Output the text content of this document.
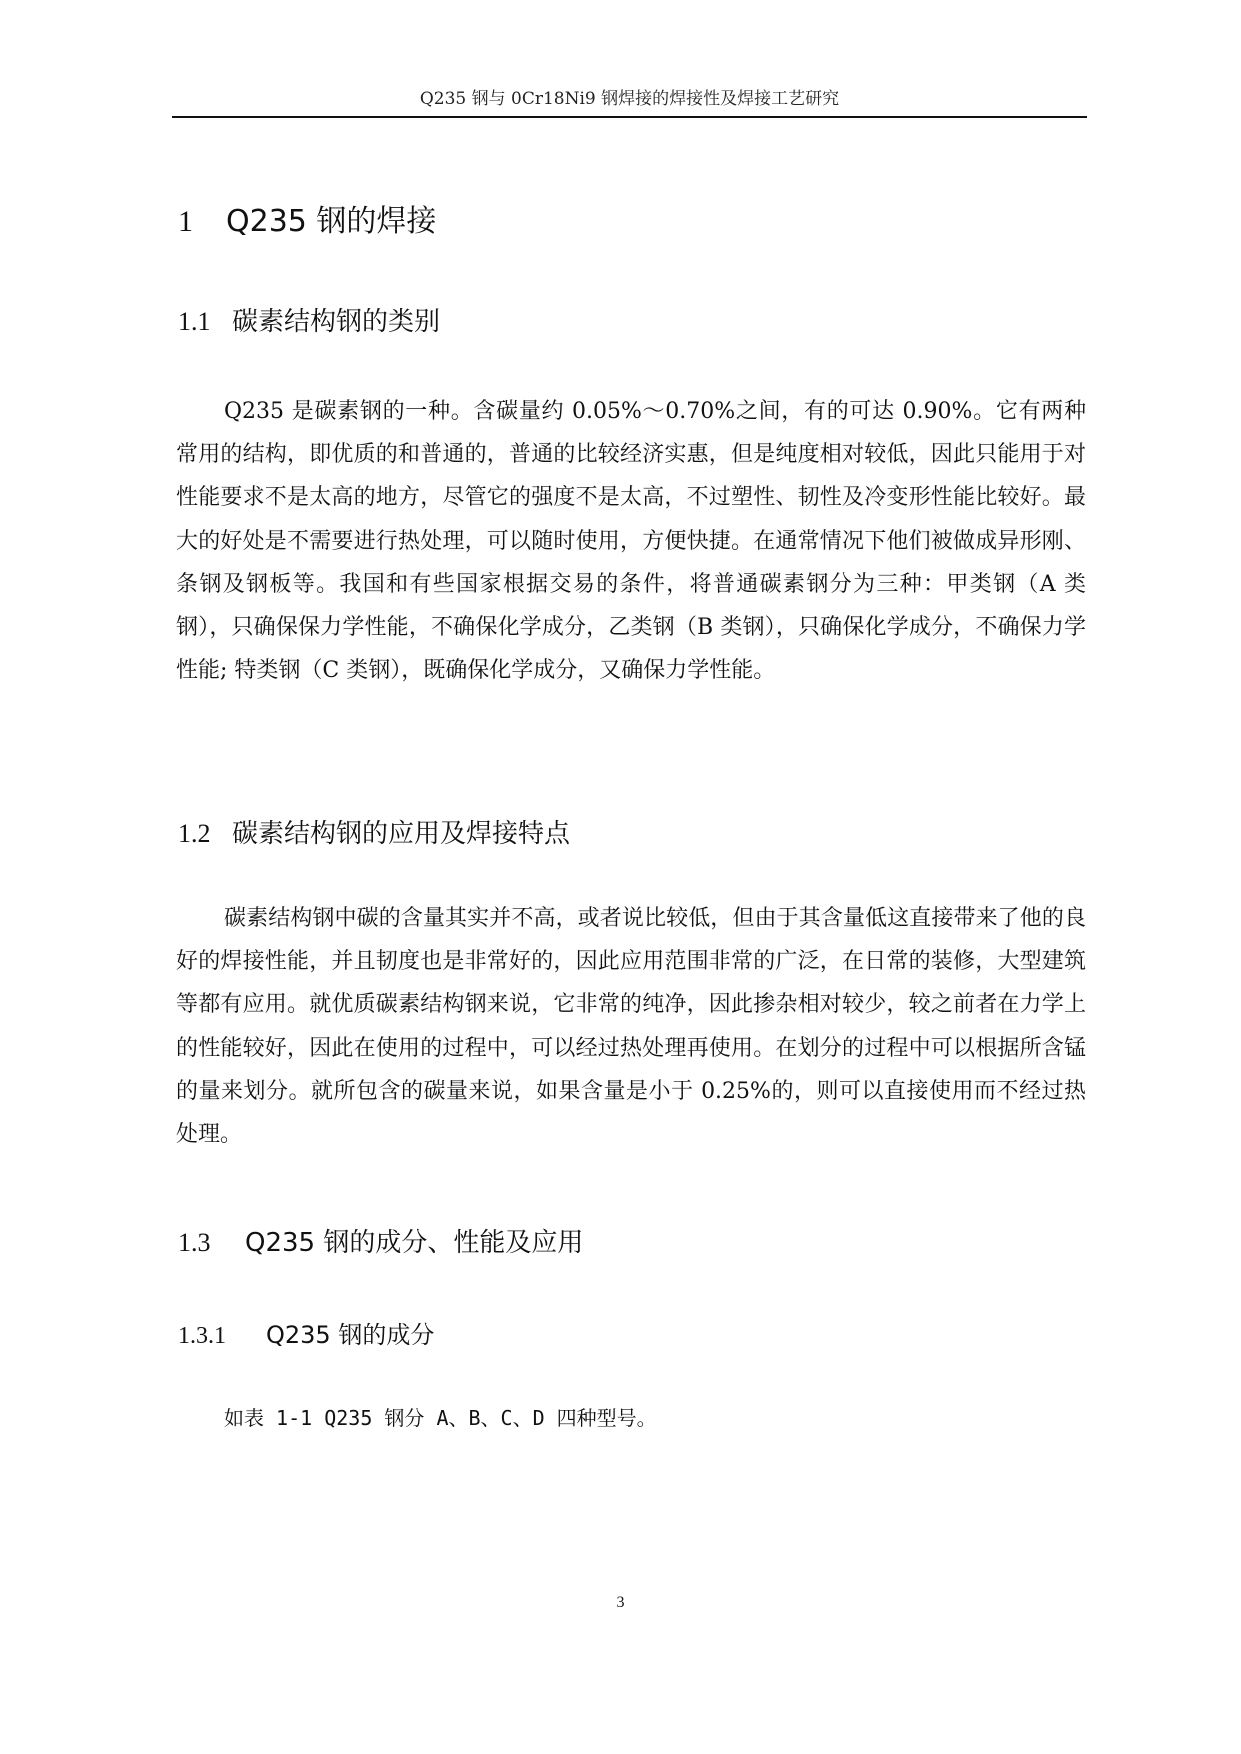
Q235 钢与 0Cr18Ni9 钢焊接的焊接性及焊接工艺研究
1 Q235 钢的焊接
1.1 碳素结构钢的类别

Q235 是碳素钢的一种。含碳量约 0.05%～0.70%之间，有的可达 0.90%。它有两种常用的结构，即优质的和普通的，普通的比较经济实惠，但是纯度相对较低，因此只能用于对性能要求不是太高的地方，尽管它的强度不是太高，不过塑性、韧性及冷变形性能比较好。最大的好处是不需要进行热处理，可以随时使用，方便快捷。在通常情况下他们被做成异形刚、条钢及钢板等。我国和有些国家根据交易的条件，将普通碳素钢分为三种：甲类钢（A 类钢），只确保保力学性能，不确保化学成分，乙类钢（B 类钢），只确保化学成分，不确保力学性能; 特类钢（C 类钢），既确保化学成分，又确保力学性能。

1.2 碳素结构钢的应用及焊接特点

碳素结构钢中碳的含量其实并不高，或者说比较低，但由于其含量低这直接带来了他的良好的焊接性能，并且韧度也是非常好的，因此应用范围非常的广泛，在日常的装修，大型建筑等都有应用。就优质碳素结构钢来说，它非常的纯净，因此掺杂相对较少，较之前者在力学上的性能较好，因此在使用的过程中，可以经过热处理再使用。在划分的过程中可以根据所含锰的量来划分。就所包含的碳量来说，如果含量是小于 0.25%的，则可以直接使用而不经过热处理。

1.3 Q235 钢的成分、性能及应用
1.3.1 Q235 钢的成分

如表 1-1 Q235 钢分 A、B、C、D 四种型号。

3
